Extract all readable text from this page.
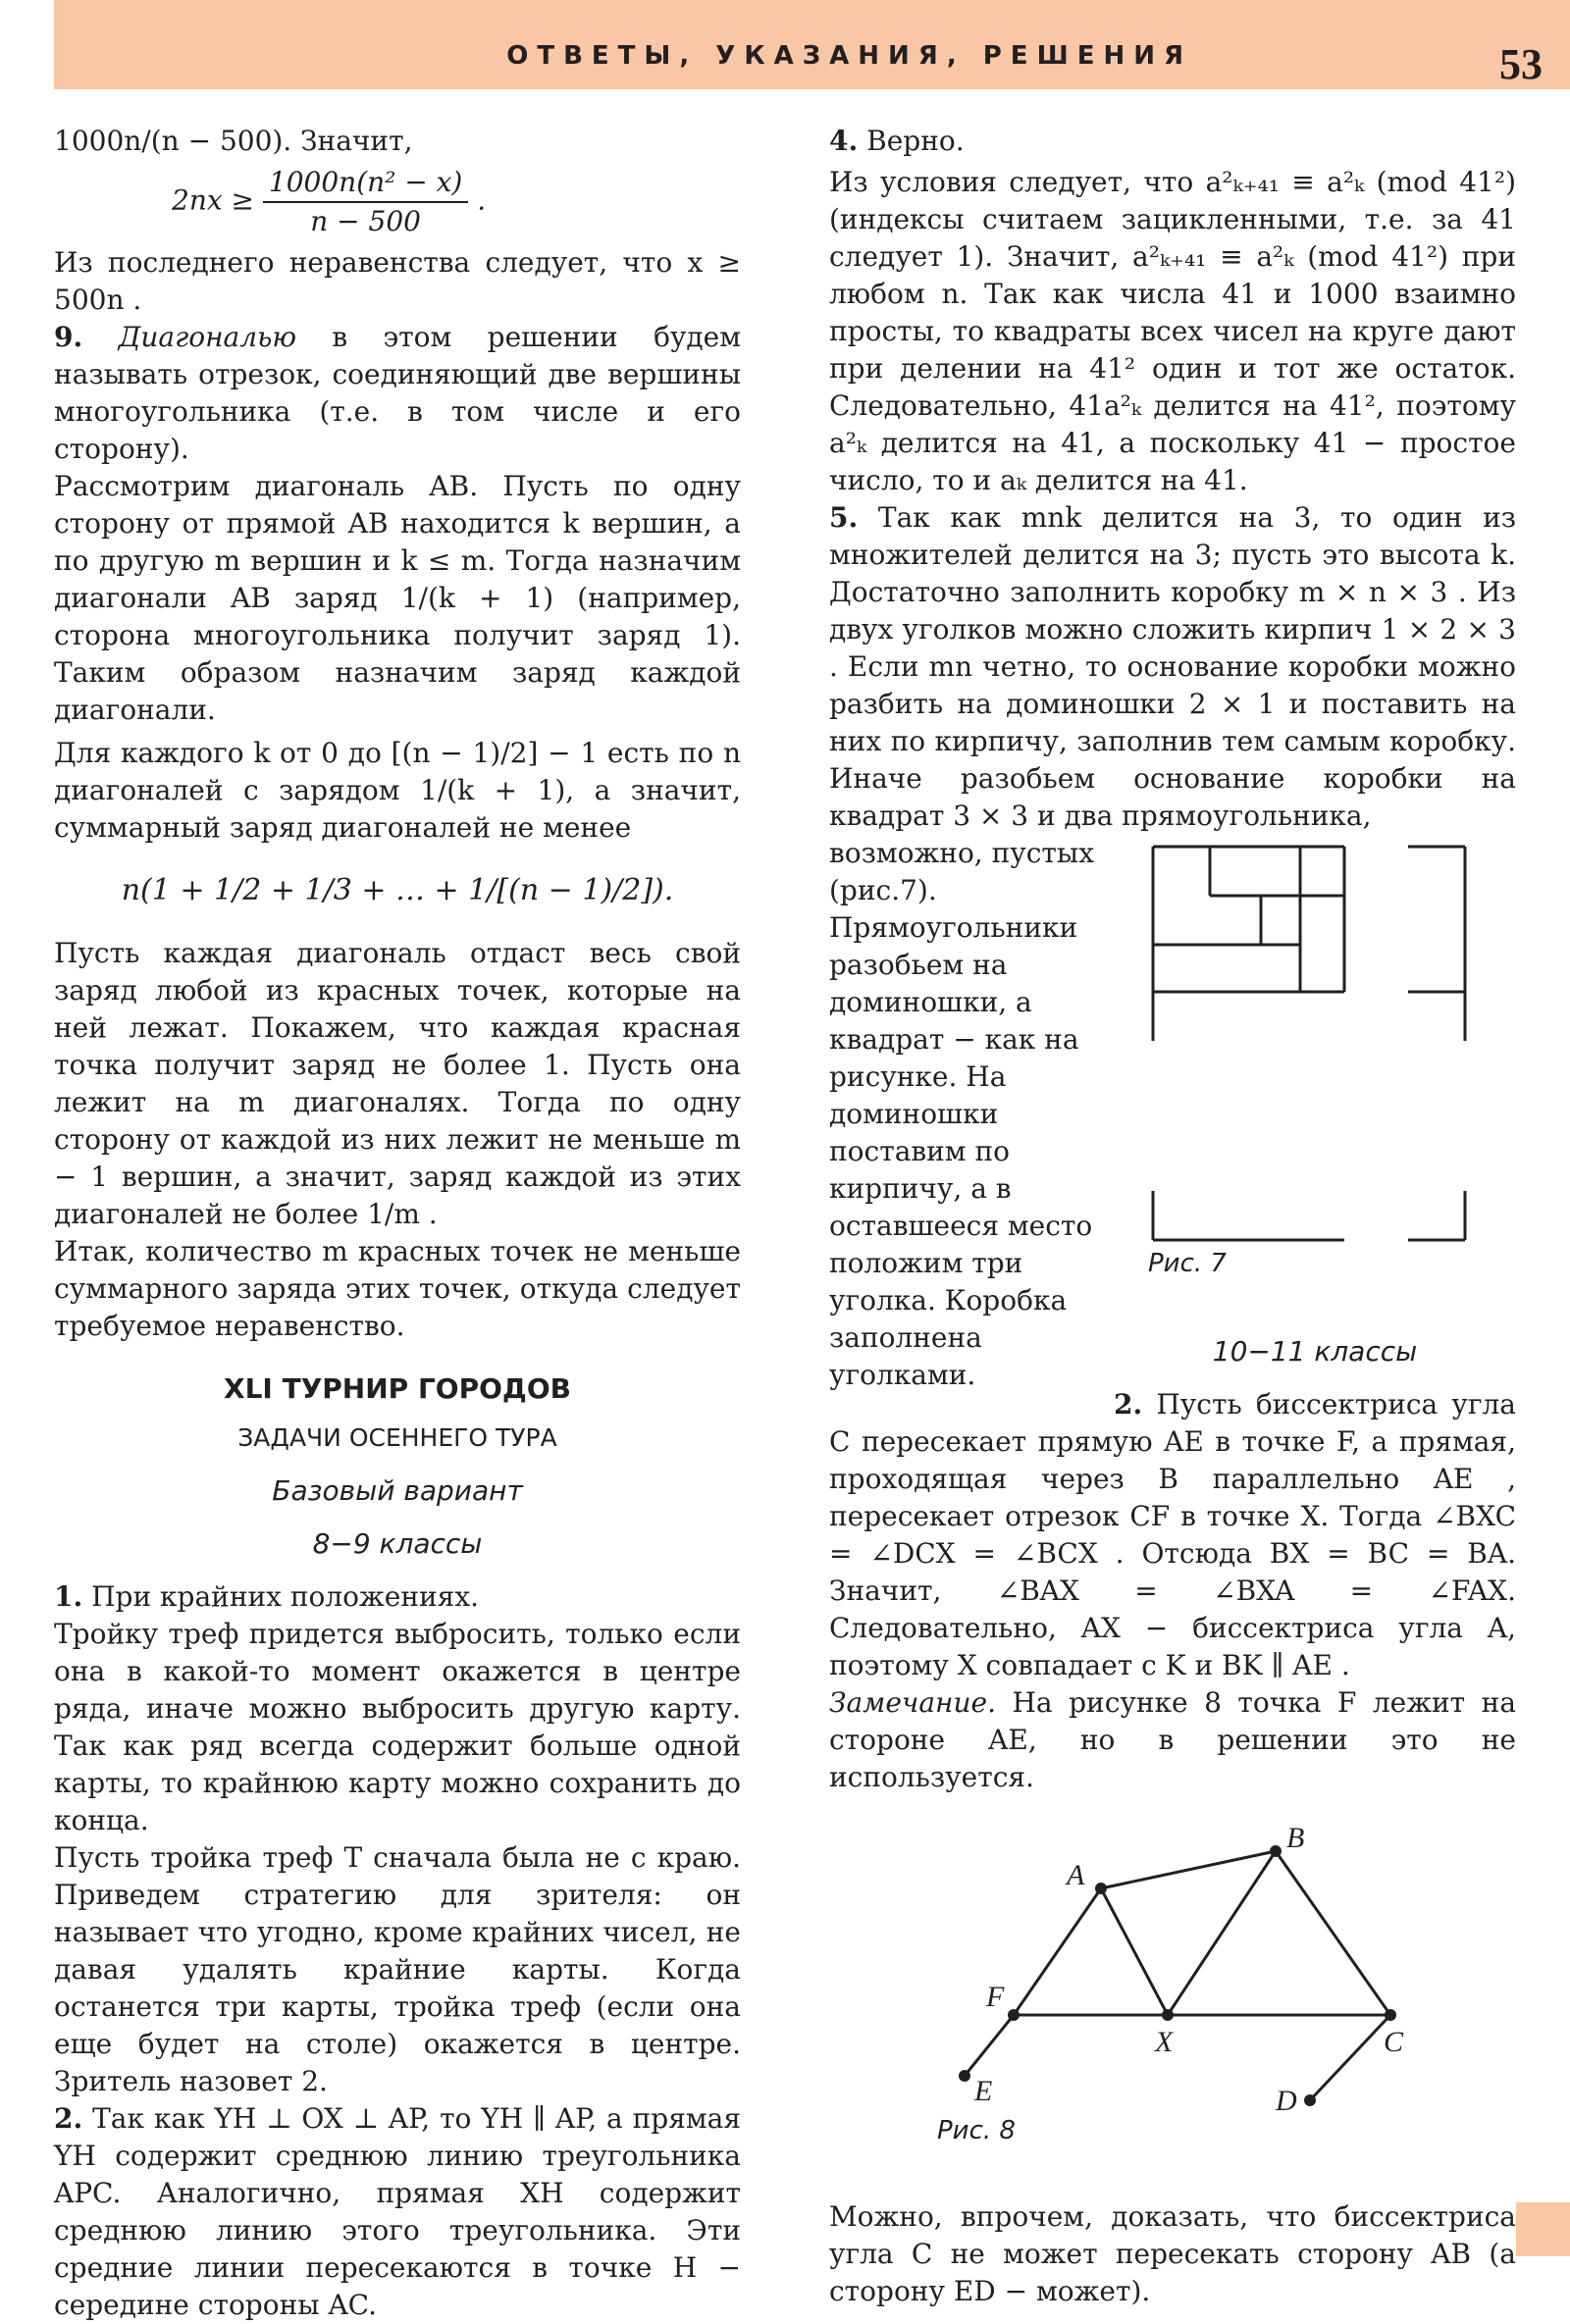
ОТВЕТЫ, УКАЗАНИЯ, РЕШЕНИЯ	53

1000n/(n − 500). Значит,

$2nx \ge \frac{\text{1000n(n² − x)}}{n - 500}$ .

Из последнего неравенства следует, что x ≥ 500n .

9. Диагональю в этом решении будем называть отрезок, соединяющий две вершины многоугольника (т.е. в том числе и его сторону).

Рассмотрим диагональ AB. Пусть по одну сторону от прямой AB находится k вершин, а по другую m вершин и k ≤ m. Тогда назначим диагонали AB заряд 1/(k + 1) (например, сторона многоугольника получит заряд 1). Таким образом назначим заряд каждой диагонали.

Для каждого k от 0 до [(n − 1)/2] − 1 есть по n диагоналей с зарядом 1/(k + 1), а значит, суммарный заряд диагоналей не менее

n(1 + 1/2 + 1/3 + … + 1/[(n − 1)/2]).

Пусть каждая диагональ отдаст весь свой заряд любой из красных точек, которые на ней лежат. Покажем, что каждая красная точка получит заряд не более 1. Пусть она лежит на m диагоналях. Тогда по одну сторону от каждой из них лежит не меньше m − 1 вершин, а значит, заряд каждой из этих диагоналей не более 1/m .

Итак, количество m красных точек не меньше суммарного заряда этих точек, откуда следует требуемое неравенство.

XLI ТУРНИР ГОРОДОВ
ЗАДАЧИ ОСЕННЕГО ТУРА
Базовый вариант
8−9 классы

1. При крайних положениях.

Тройку треф придется выбросить, только если она в какой-то момент окажется в центре ряда, иначе можно выбросить другую карту. Так как ряд всегда содержит больше одной карты, то крайнюю карту можно сохранить до конца.

Пусть тройка треф T сначала была не с краю. Приведем стратегию для зрителя: он называет что угодно, кроме крайних чисел, не давая удалять крайние карты. Когда останется три карты, тройка треф (если она еще будет на столе) окажется в центре. Зритель назовет 2.

2. Так как YH ⊥ OX ⊥ AP, то YH ∥ AP, а прямая YH содержит среднюю линию треугольника APC. Аналогично, прямая XH содержит среднюю линию этого треугольника. Эти средние линии пересекаются в точке H − середине стороны AC.

4. Верно.

Из условия следует, что a²ₖ₊₄₁ ≡ a²ₖ (mod 41²) (индексы считаем зацикленными, т.е. за 41 следует 1). Значит, a²ₖ₊₄₁ ≡ a²ₖ (mod 41²) при любом n. Так как числа 41 и 1000 взаимно просты, то квадраты всех чисел на круге дают при делении на 41² один и тот же остаток. Следовательно, 41a²ₖ делится на 41², поэтому a²ₖ делится на 41, а поскольку 41 − простое число, то и aₖ делится на 41.

5. Так как mnk делится на 3, то один из множителей делится на 3; пусть это высота k. Достаточно заполнить коробку m × n × 3 . Из двух уголков можно сложить кирпич 1 × 2 × 3 . Если mn четно, то основание коробки можно разбить на доминошки 2 × 1 и поставить на них по кирпичу, заполнив тем самым коробку. Иначе разобьем основание коробки на квадрат 3 × 3 и два прямоугольника,

возможно, пустых (рис.7). Прямоугольники разобьем на доминошки, а квадрат − как на рисунке. На доминошки поставим по кирпичу, а в оставшееся место положим три уголка. Коробка заполнена уголками.

Рис. 7
10−11 классы

2. Пусть биссектриса угла C пересекает прямую AE в точке F, а прямая, проходящая через B параллельно AE , пересекает отрезок CF в точке X. Тогда ∠BXC = ∠DCX = ∠BCX . Отсюда BX = BC = BA. Значит, ∠BAX = ∠BXA = ∠FAX. Следовательно, AX − биссектриса угла A, поэтому X совпадает с K и BK ∥ AE .

Замечание. На рисунке 8 точка F лежит на стороне AE, но в решении это не используется.

A
B
F
X	C
E	D
Рис. 8

Можно, впрочем, доказать, что биссектриса угла C не может пересекать сторону AB (а сторону ED − может).
